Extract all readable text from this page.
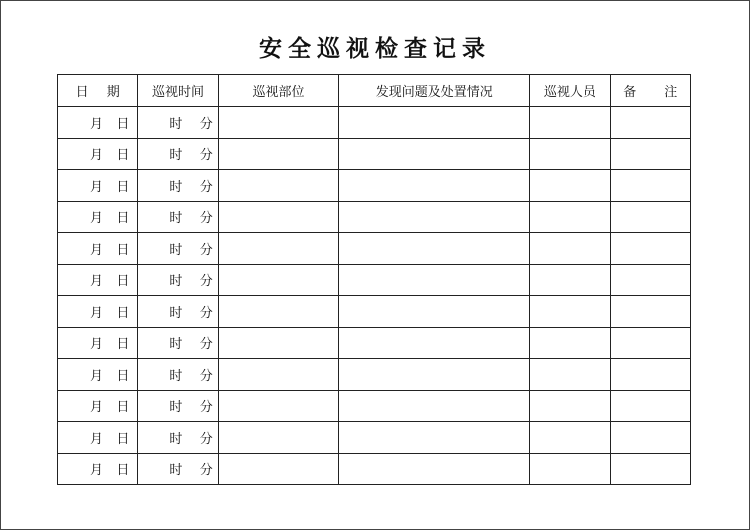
安全巡视检查记录
日 期	巡视时间	巡视部位	发现问题及处置情况	巡视人员	备 注

月 日	时 分				

月 日	时 分				

月 日	时 分				

月 日	时 分				

月 日	时 分				

月 日	时 分				

月 日	时 分				

月 日	时 分				

月 日	时 分				

月 日	时 分				

月 日	时 分				

月 日	时 分				
